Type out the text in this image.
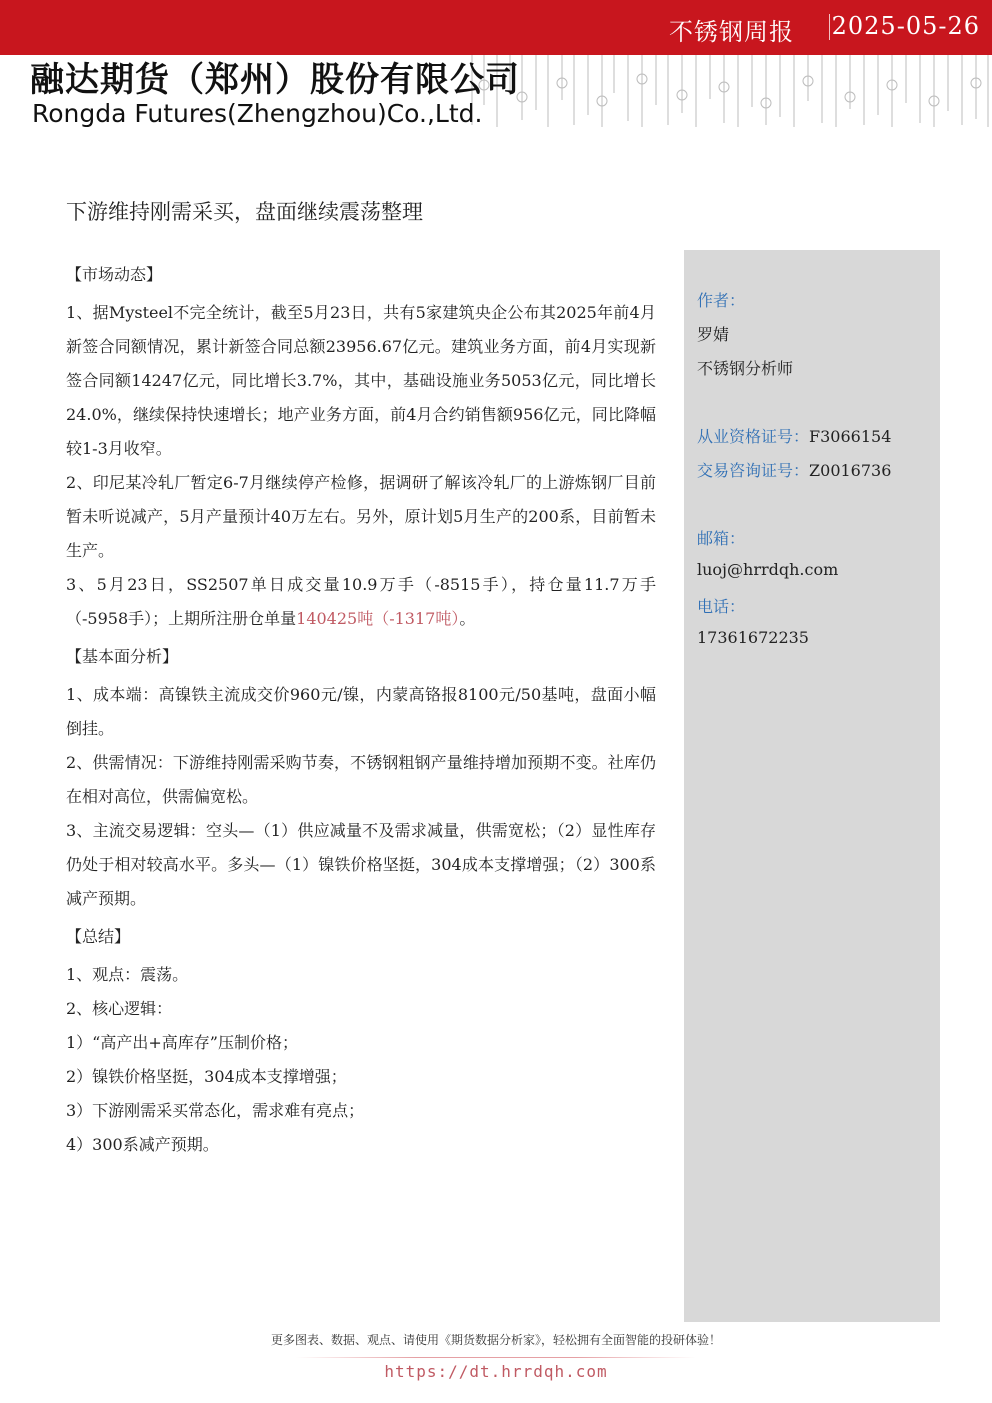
不锈钢周报 2025-05-26
融达期货（郑州）股份有限公司
Rongda Futures(Zhengzhou)Co.,Ltd.
下游维持刚需采买，盘面继续震荡整理

【市场动态】

1、据Mysteel不完全统计，截至5月23日，共有5家建筑央企公布其2025年前4月新签合同额情况，累计新签合同总额23956.67亿元。建筑业务方面，前4月实现新签合同额14247亿元，同比增长3.7%，其中，基础设施业务5053亿元，同比增长24.0%，继续保持快速增长；地产业务方面，前4月合约销售额956亿元，同比降幅较1-3月收窄。

2、印尼某冷轧厂暂定6-7月继续停产检修，据调研了解该冷轧厂的上游炼钢厂目前暂未听说减产，5月产量预计40万左右。另外，原计划5月生产的200系，目前暂未生产。

3、5月23日，SS2507单日成交量10.9万手（-8515手），持仓量11.7万手（-5958手）；上期所注册仓单量140425吨（-1317吨）。

【基本面分析】

1、成本端：高镍铁主流成交价960元/镍，内蒙高铬报8100元/50基吨，盘面小幅倒挂。

2、供需情况：下游维持刚需采购节奏，不锈钢粗钢产量维持增加预期不变。社库仍在相对高位，供需偏宽松。

3、主流交易逻辑：空头—（1）供应减量不及需求减量，供需宽松；（2）显性库存仍处于相对较高水平。多头—（1）镍铁价格坚挺，304成本支撑增强；（2）300系减产预期。

【总结】

1、观点：震荡。

2、核心逻辑：

1）“高产出+高库存”压制价格；

2）镍铁价格坚挺，304成本支撑增强；

3）下游刚需采买常态化，需求难有亮点；

4）300系减产预期。

作者：
罗婧
不锈钢分析师
从业资格证号：F3066154
交易咨询证号：Z0016736
邮箱：
luoj@hrrdqh.com
电话：
17361672235
更多图表、数据、观点、请使用《期货数据分析家》，轻松拥有全面智能的投研体验！
https://dt.hrrdqh.com
